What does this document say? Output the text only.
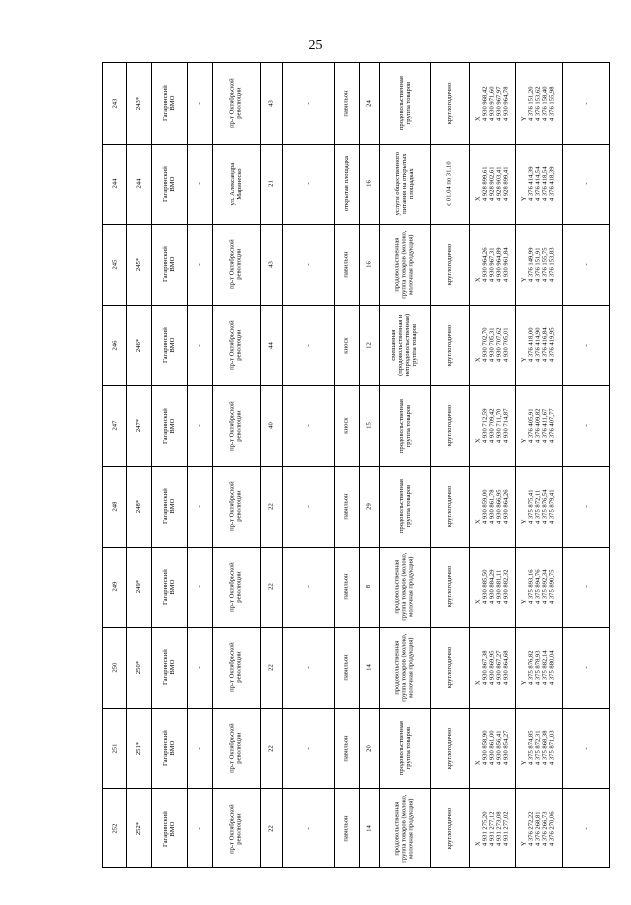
25
243	243*	Гагаринский ВМО	-	пр-т Октябрьской революции	43	-	павильон 24	продовольственная группа товаров	круглогодично	X 4 930 968,42 4 930 971,60 4 930 967,97 4 930 964,78 Y 4 376 151,20 4 376 153,62 4 376 158,40 4 376 155,98	-
244	244	Гагаринский ВМО	-	ул. Александра Маринеско	21	-	открытая площадка 16	услуги общественного питания на открытых площадках	с 01.04 по 31.10	X 4 928 899,61 4 928 902,61 4 928 903,41 4 928 899,41 Y 4 376 414,39 4 376 414,54 4 376 418,54 4 376 418,39	-
245	245*	Гагаринский ВМО	-	пр-т Октябрьской революции	43	-	павильон 16	продовольственная группа товаров (молоко, молочная продукция)	круглогодично	X 4 930 964,26 4 930 967,31 4 930 964,89 4 930 961,84 Y 4 376 149,99 4 376 151,91 4 376 155,75 4 376 153,83	-
246	246*	Гагаринский ВМО	-	пр-т Октябрьской революции	44	-	киоск 12	смешанная (продовольственная и непродовольственная) группа товаров	круглогодично	X 4 930 702,70 4 930 705,31 4 930 707,62 4 930 705,01 Y 4 376 418,00 4 376 414,90 4 376 416,84 4 376 419,95	-
247	247*	Гагаринский ВМО	-	пр-т Октябрьской революции	40	-	киоск 15	продовольственная группа товаров	круглогодично	X 4 930 712,59 4 930 709,42 4 930 711,70 4 930 714,87 Y 4 376 405,91 4 376 409,82 4 376 411,67 4 376 407,77	-
248	248*	Гагаринский ВМО	-	пр-т Октябрьской революции	22	-	павильон 29	продовольственная группа товаров	круглогодично	X 4 930 859,00 4 930 861,78 4 930 866,95 4 930 864,26 Y 4 375 875,41 4 375 872,11 4 375 876,54 4 375 879,41	-
249	249*	Гагаринский ВМО	-	пр-т Октябрьской революции	22	-	павильон 8	продовольственная группа товаров (молоко, молочная продукция)	круглогодично	X 4 930 885,50 4 930 884,29 4 930 881,11 4 930 882,32 Y 4 375 893,16 4 375 894,76 4 375 892,34 4 375 890,75	-
250	250*	Гагаринский ВМО	-	пр-т Октябрьской революции	22	-	павильон 14	продовольственная группа товаров (молоко, молочная продукция)	круглогодично	X 4 930 867,38 4 930 869,95 4 930 867,27 4 930 864,68 Y 4 375 876,82 4 375 878,93 4 375 882,14 4 375 880,04	-
251	251*	Гагаринский ВМО	-	пр-т Октябрьской революции	22	-	павильон 20	продовольственная группа товаров	круглогодично	X 4 930 858,90 4 930 861,00 4 930 856,41 4 930 854,27 Y 4 375 874,85 4 375 872,31 4 375 868,38 4 375 871,03	-
252	252*	Гагаринский ВМО	-	пр-т Октябрьской революции	22	-	павильон 14	продовольственная группа товаров (молоко, молочная продукция)	круглогодично	X 4 931 275,20 4 931 277,12 4 931 273,08 4 931 277,02 Y 4 376 272,22 4 376 268,81 4 376 266,73 4 376 270,06	-
